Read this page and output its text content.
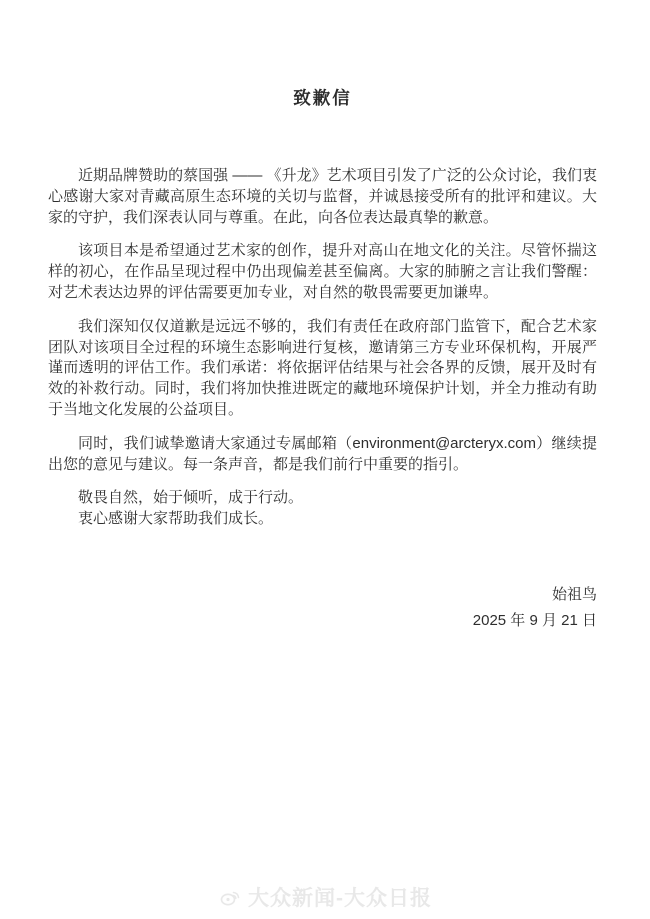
致歉信

近期品牌赞助的蔡国强 —— 《升龙》艺术项目引发了广泛的公众讨论，我们衷心感谢大家对青藏高原生态环境的关切与监督，并诚恳接受所有的批评和建议。大家的守护，我们深表认同与尊重。在此，向各位表达最真挚的歉意。

该项目本是希望通过艺术家的创作，提升对高山在地文化的关注。尽管怀揣这样的初心，在作品呈现过程中仍出现偏差甚至偏离。大家的肺腑之言让我们警醒：对艺术表达边界的评估需要更加专业，对自然的敬畏需要更加谦卑。

我们深知仅仅道歉是远远不够的，我们有责任在政府部门监管下，配合艺术家团队对该项目全过程的环境生态影响进行复核，邀请第三方专业环保机构，开展严谨而透明的评估工作。我们承诺：将依据评估结果与社会各界的反馈，展开及时有效的补救行动。同时，我们将加快推进既定的藏地环境保护计划，并全力推动有助于当地文化发展的公益项目。

同时，我们诚挚邀请大家通过专属邮箱（environment@arcteryx.com）继续提出您的意见与建议。每一条声音，都是我们前行中重要的指引。

敬畏自然，始于倾听，成于行动。
衷心感谢大家帮助我们成长。
始祖鸟
2025 年 9 月 21 日
大众新闻-大众日报
